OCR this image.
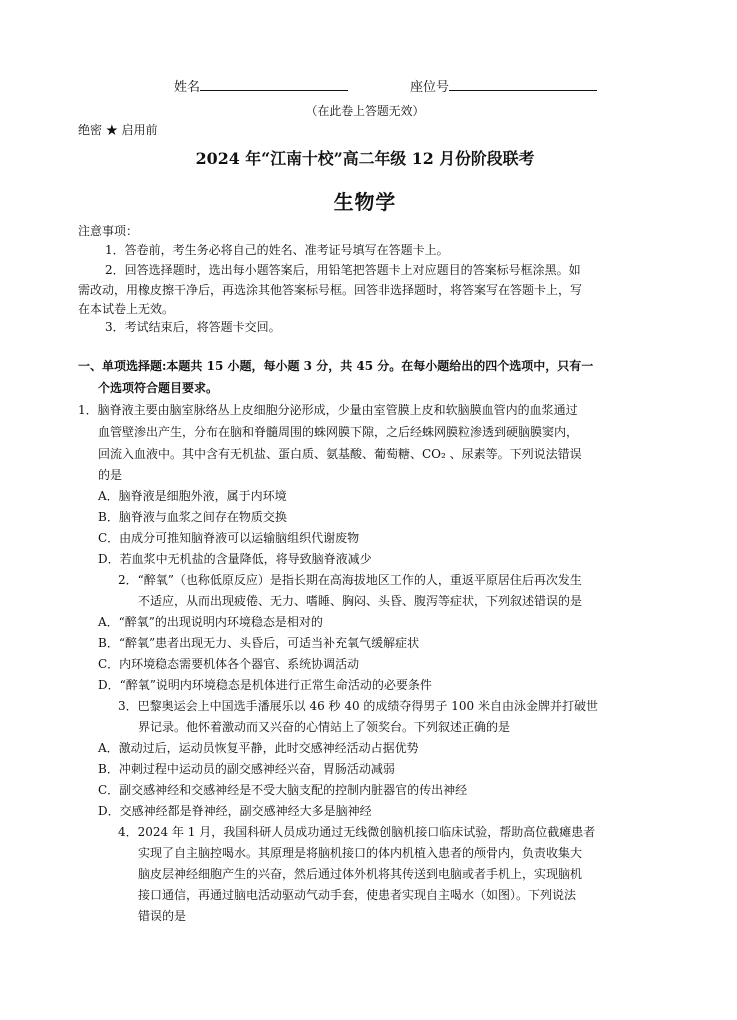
姓名	座位号
（在此卷上答题无效）
绝密 ★ 启用前
2024 年“江南十校”高二年级 12 月份阶段联考
生物学
注意事项：
1．答卷前，考生务必将自己的姓名、准考证号填写在答题卡上。
2．回答选择题时，选出每小题答案后，用铅笔把答题卡上对应题目的答案标号框涂黑。如
需改动，用橡皮擦干净后，再选涂其他答案标号框。回答非选择题时，将答案写在答题卡上，写
在本试卷上无效。
3．考试结束后，将答题卡交回。
一、单项选择题:本题共 15 小题，每小题 3 分，共 45 分。在每小题给出的四个选项中，只有一
个选项符合题目要求。
1．脑脊液主要由脑室脉络丛上皮细胞分泌形成，少量由室管膜上皮和软脑膜血管内的血浆通过
血管壁渗出产生，分布在脑和脊髓周围的蛛网膜下隙，之后经蛛网膜粒渗透到硬脑膜窦内，
回流入血液中。其中含有无机盐、蛋白质、氨基酸、葡萄糖、CO₂ 、尿素等。下列说法错误
的是
A．脑脊液是细胞外液，属于内环境
B．脑脊液与血浆之间存在物质交换
C．由成分可推知脑脊液可以运输脑组织代谢废物
D．若血浆中无机盐的含量降低，将导致脑脊液减少
2．“醉氧”（也称低原反应）是指长期在高海拔地区工作的人，重返平原居住后再次发生
不适应，从而出现疲倦、无力、嗜睡、胸闷、头昏、腹泻等症状，下列叙述错误的是
A．“醉氧”的出现说明内环境稳态是相对的
B．“醉氧”患者出现无力、头昏后，可适当补充氧气缓解症状
C．内环境稳态需要机体各个器官、系统协调活动
D．“醉氧”说明内环境稳态是机体进行正常生命活动的必要条件
3．巴黎奥运会上中国选手潘展乐以 46 秒 40 的成绩夺得男子 100 米自由泳金牌并打破世
界记录。他怀着激动而又兴奋的心情站上了领奖台。下列叙述正确的是
A．激动过后，运动员恢复平静，此时交感神经活动占据优势
B．冲刺过程中运动员的副交感神经兴奋，胃肠活动减弱
C．副交感神经和交感神经是不受大脑支配的控制内脏器官的传出神经
D．交感神经都是脊神经，副交感神经大多是脑神经
4．2024 年 1 月，我国科研人员成功通过无线微创脑机接口临床试验，帮助高位截瘫患者
实现了自主脑控喝水。其原理是将脑机接口的体内机植入患者的颅骨内，负责收集大
脑皮层神经细胞产生的兴奋，然后通过体外机将其传送到电脑或者手机上，实现脑机
接口通信，再通过脑电活动驱动气动手套，使患者实现自主喝水（如图）。下列说法
错误的是
